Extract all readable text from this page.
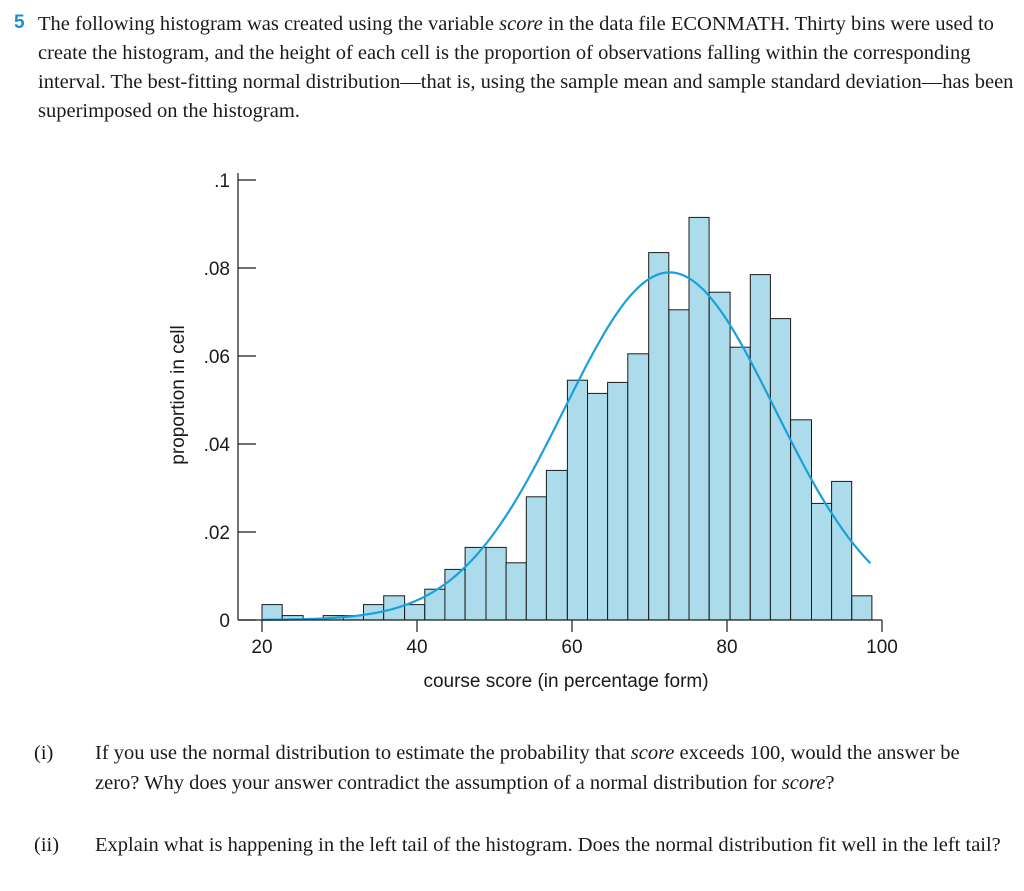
5 The following histogram was created using the variable score in the data file ECONMATH. Thirty bins were used to create the histogram, and the height of each cell is the proportion of observations falling within the corresponding interval. The best-fitting normal distribution—that is, using the sample mean and sample standard deviation—has been superimposed on the histogram.

0
.02
.04
.06
.08
.1
20	40	60	80	100
course score (in percentage form)
proportion in cell
(i) If you use the normal distribution to estimate the probability that score exceeds 100, would the answer be zero? Why does your answer contradict the assumption of a normal distribution for score?

(ii) Explain what is happening in the left tail of the histogram. Does the normal distribution fit well in the left tail?
